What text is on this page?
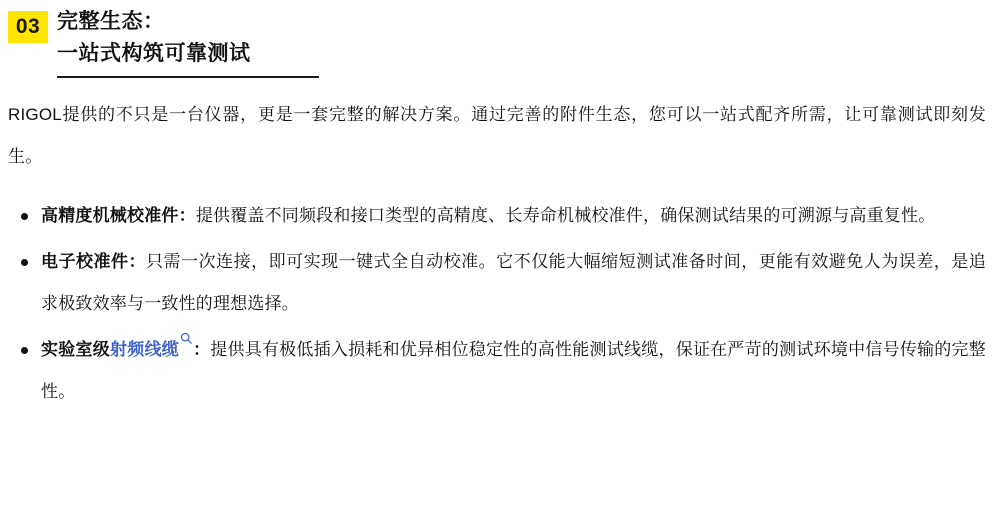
03 完整生态：
一站式构筑可靠测试

RIGOL提供的不只是一台仪器，更是一套完整的解决方案。通过完善的附件生态，您可以一站式配齐所需，让可靠测试即刻发生。

高精度机械校准件：提供覆盖不同频段和接口类型的高精度、长寿命机械校准件，确保测试结果的可溯源与高重复性。
电子校准件：只需一次连接，即可实现一键式全自动校准。它不仅能大幅缩短测试准备时间，更能有效避免人为误差，是追求极致效率与一致性的理想选择。
实验室级射频线缆 ：提供具有极低插入损耗和优异相位稳定性的高性能测试线缆，保证在严苛的测试环境中信号传输的完整性。
